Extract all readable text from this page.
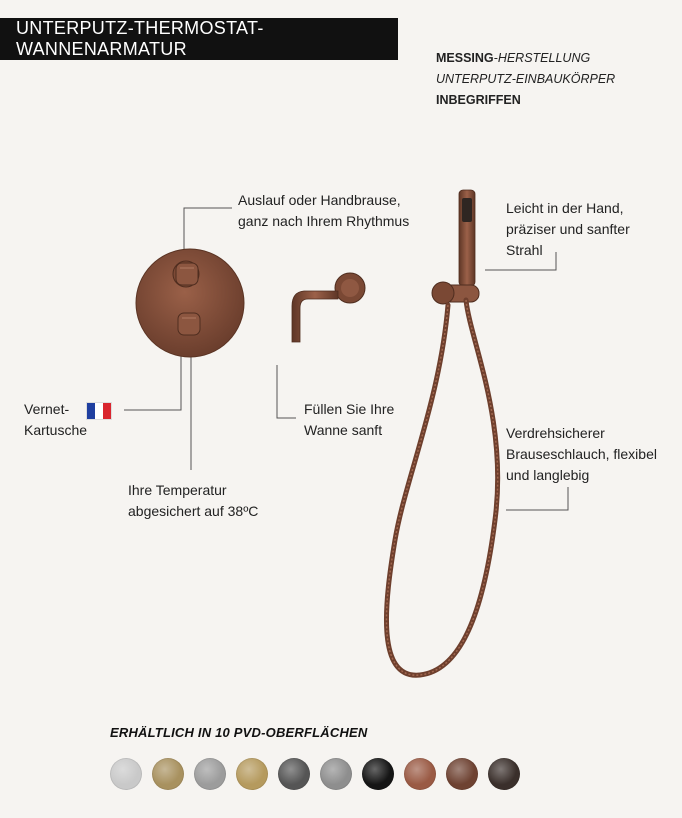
UNTERPUTZ-THERMOSTAT-WANNENARMATUR	MESSING-HERSTELLUNG
UNTERPUTZ-EINBAUKÖRPER
INBEGRIFFEN
Auslauf oder Handbrause,
ganz nach Ihrem Rhythmus
Leicht in der Hand,
präziser und sanfter
Strahl
Vernet-
Kartusche
Füllen Sie Ihre
Wanne sanft	Verdrehsicherer
Brauseschlauch, flexibel
und langlebig
Ihre Temperatur
abgesichert auf 38ºC
ERHÄLTLICH IN 10 PVD-OBERFLÄCHEN
